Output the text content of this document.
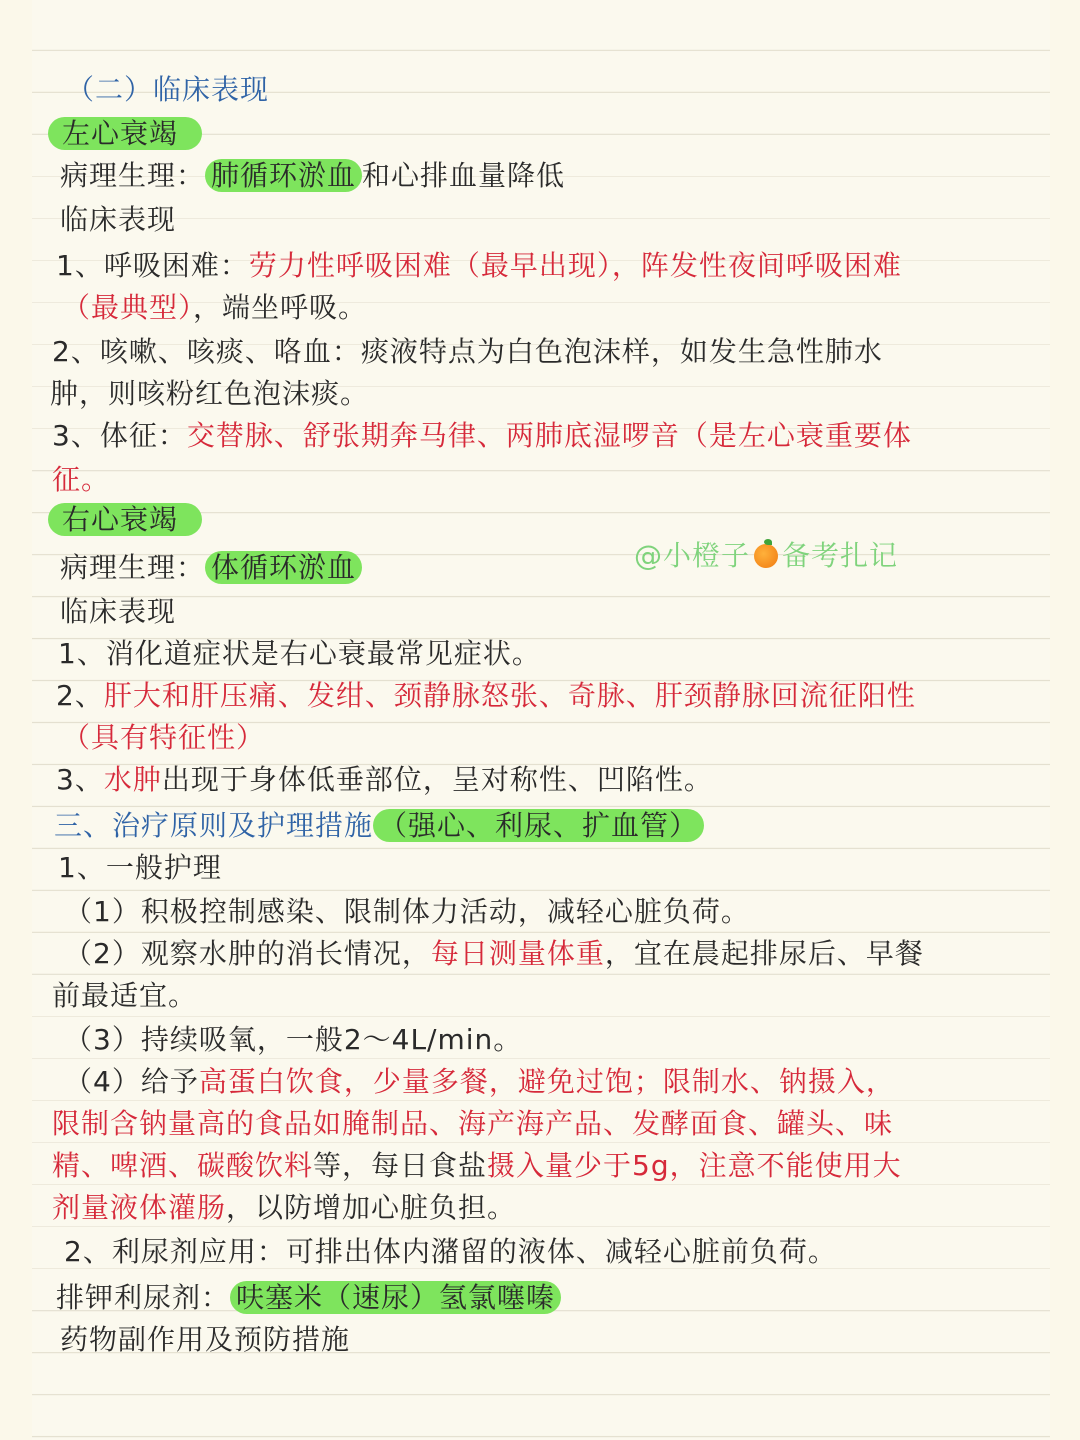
（二）临床表现
左心衰竭
病理生理： 肺循环淤血 和心排血量降低
临床表现
1、呼吸困难：劳力性呼吸困难（最早出现），阵发性夜间呼吸困难
（最典型），端坐呼吸。
2、咳嗽、咳痰、咯血：痰液特点为白色泡沫样，如发生急性肺水
肿，则咳粉红色泡沫痰。
3、体征：交替脉、舒张期奔马律、两肺底湿啰音（是左心衰重要体
征。
右心衰竭
病理生理： 体循环淤血	@小橙子 备考扎记
临床表现
1、消化道症状是右心衰最常见症状。
2、肝大和肝压痛、发绀、颈静脉怒张、奇脉、肝颈静脉回流征阳性
（具有特征性）
3、水肿出现于身体低垂部位，呈对称性、凹陷性。
三、治疗原则及护理措施 （强心、利尿、扩血管）
1、一般护理
（1）积极控制感染、限制体力活动，减轻心脏负荷。
（2）观察水肿的消长情况，每日测量体重，宜在晨起排尿后、早餐
前最适宜。
（3）持续吸氧，一般2～4L/min。
（4）给予高蛋白饮食，少量多餐，避免过饱；限制水、钠摄入，
限制含钠量高的食品如腌制品、海产海产品、发酵面食、罐头、味
精、啤酒、碳酸饮料等，每日食盐摄入量少于5g，注意不能使用大
剂量液体灌肠，以防增加心脏负担。
2、利尿剂应用：可排出体内潴留的液体、减轻心脏前负荷。
排钾利尿剂： 呋塞米（速尿）氢氯噻嗪
药物副作用及预防措施
